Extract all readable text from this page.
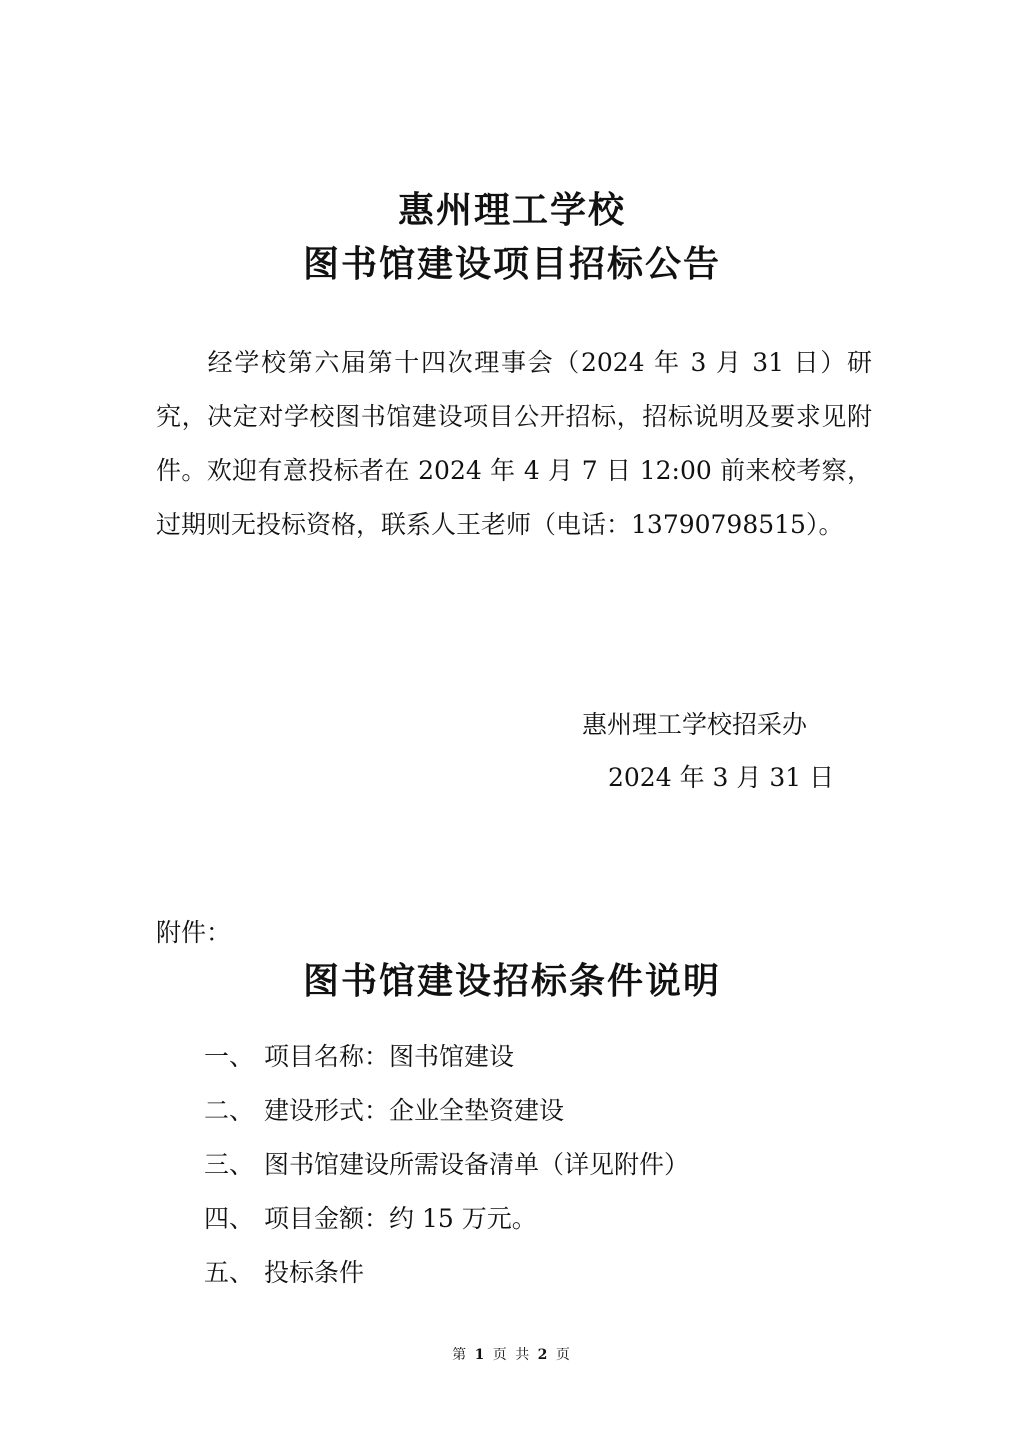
惠州理工学校
图书馆建设项目招标公告
经学校第六届第十四次理事会（2024 年 3 月 31 日）研究，决定对学校图书馆建设项目公开招标，招标说明及要求见附件。欢迎有意投标者在 2024 年 4 月 7 日 12:00 前来校考察，过期则无投标资格，联系人王老师（电话：13790798515）。
惠州理工学校招采办
2024 年 3 月 31 日
附件：
图书馆建设招标条件说明
一、 项目名称：图书馆建设
二、 建设形式：企业全垫资建设
三、 图书馆建设所需设备清单（详见附件）
四、 项目金额：约 15 万元。
五、 投标条件
第 1 页 共 2 页
